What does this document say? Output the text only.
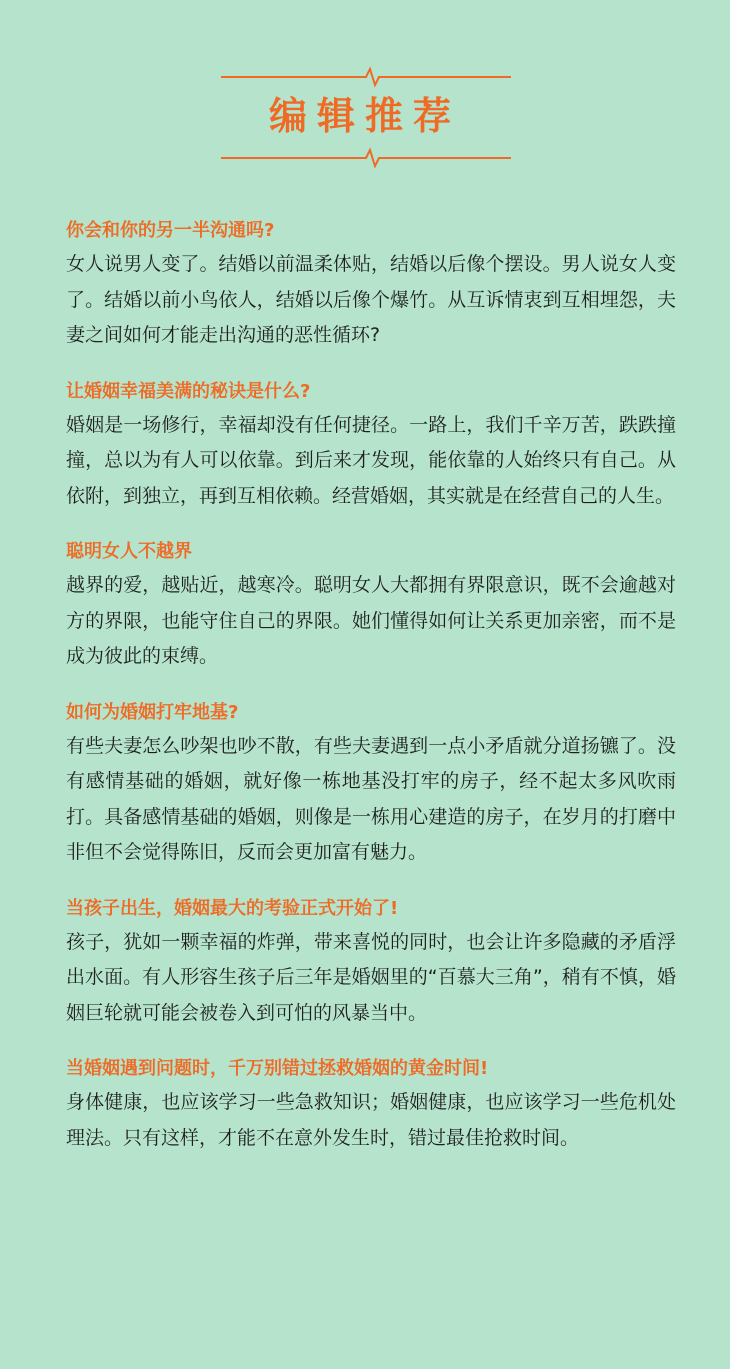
编辑推荐
你会和你的另一半沟通吗?
女人说男人变了。结婚以前温柔体贴，结婚以后像个摆设。男人说女人变了。结婚以前小鸟依人，结婚以后像个爆竹。从互诉情衷到互相埋怨，夫妻之间如何才能走出沟通的恶性循环?
让婚姻幸福美满的秘诀是什么?
婚姻是一场修行，幸福却没有任何捷径。一路上，我们千辛万苦，跌跌撞撞，总以为有人可以依靠。到后来才发现，能依靠的人始终只有自己。从依附，到独立，再到互相依赖。经营婚姻，其实就是在经营自己的人生。
聪明女人不越界
越界的爱，越贴近，越寒冷。聪明女人大都拥有界限意识，既不会逾越对方的界限，也能守住自己的界限。她们懂得如何让关系更加亲密，而不是成为彼此的束缚。
如何为婚姻打牢地基?
有些夫妻怎么吵架也吵不散，有些夫妻遇到一点小矛盾就分道扬镳了。没有感情基础的婚姻，就好像一栋地基没打牢的房子，经不起太多风吹雨打。具备感情基础的婚姻，则像是一栋用心建造的房子，在岁月的打磨中非但不会觉得陈旧，反而会更加富有魅力。
当孩子出生，婚姻最大的考验正式开始了!
孩子，犹如一颗幸福的炸弹，带来喜悦的同时，也会让许多隐藏的矛盾浮出水面。有人形容生孩子后三年是婚姻里的“百慕大三角”，稍有不慎，婚姻巨轮就可能会被卷入到可怕的风暴当中。
当婚姻遇到问题时，千万别错过拯救婚姻的黄金时间!
身体健康，也应该学习一些急救知识；婚姻健康，也应该学习一些危机处理法。只有这样，才能不在意外发生时，错过最佳抢救时间。
